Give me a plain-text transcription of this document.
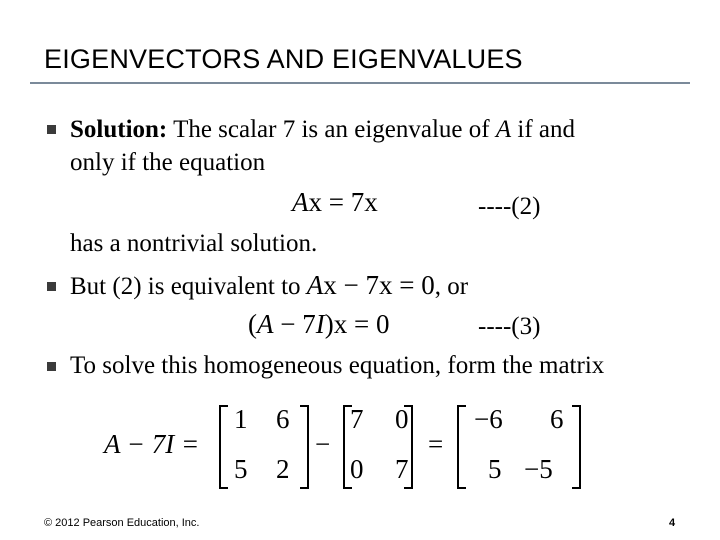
EIGENVECTORS AND EIGENVALUES
Solution: The scalar 7 is an eigenvalue of A if and
only if the equation
Ax = 7x	----(2)
has a nontrivial solution.
But (2) is equivalent to Ax − 7x = 0, or
(A − 7I)x = 0	----(3)
To solve this homogeneous equation, form the matrix
A − 7I =
1 6
5 2
−
7 0
0 7
=
−6 6
5 −5
© 2012 Pearson Education, Inc.	4
